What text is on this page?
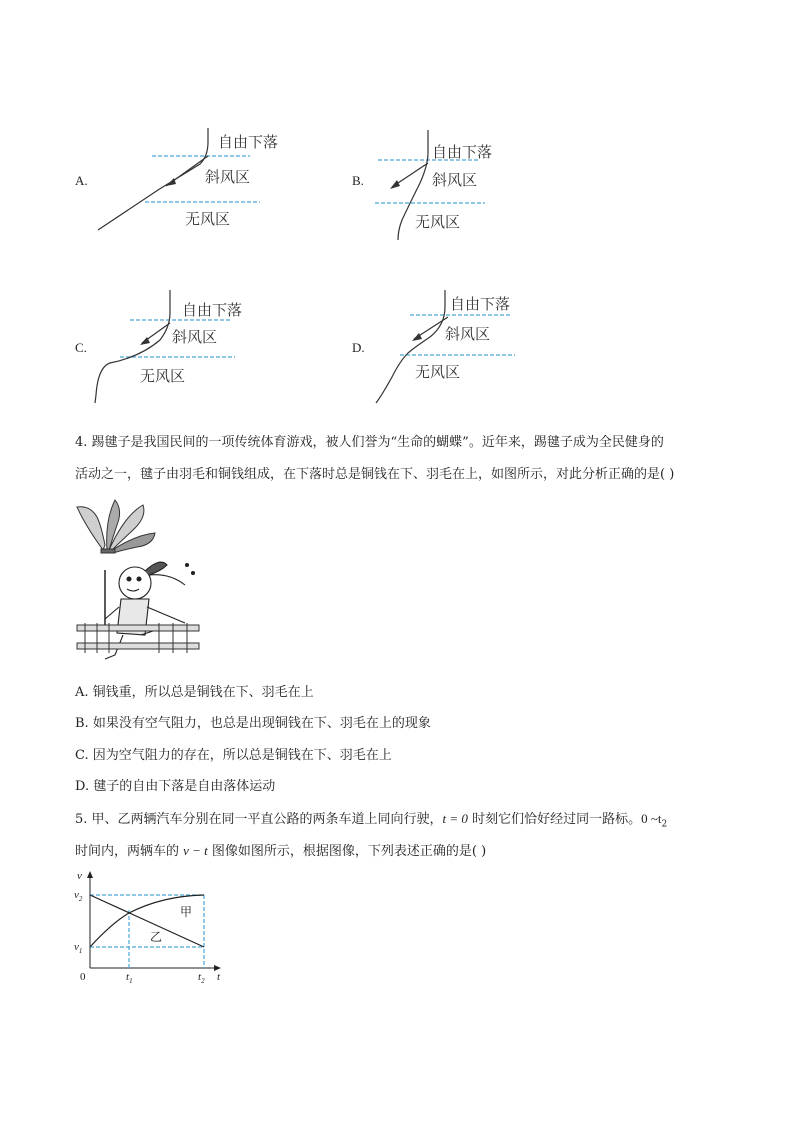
A.
自由下落
斜风区
无风区
B.
自由下落
斜风区
无风区
C.
自由下落
斜风区
无风区
D.
自由下落
斜风区
无风区
4. 踢毽子是我国民间的一项传统体育游戏，被人们誉为“生命的蝴蝶”。近年来，踢毽子成为全民健身的
活动之一，毽子由羽毛和铜钱组成，在下落时总是铜钱在下、羽毛在上，如图所示，对此分析正确的是( )
A. 铜钱重，所以总是铜钱在下、羽毛在上
B. 如果没有空气阻力，也总是出现铜钱在下、羽毛在上的现象
C. 因为空气阻力的存在，所以总是铜钱在下、羽毛在上
D. 毽子的自由下落是自由落体运动
5. 甲、乙两辆汽车分别在同一平直公路的两条车道上同向行驶，t = 0 时刻它们恰好经过同一路标。0 $\sim t_2$
时间内，两辆车的 v − t 图像如图所示，根据图像，下列表述正确的是( )
v
t
0
$v_2$
$v_1$
$t_1$	$t_2$
甲
乙
